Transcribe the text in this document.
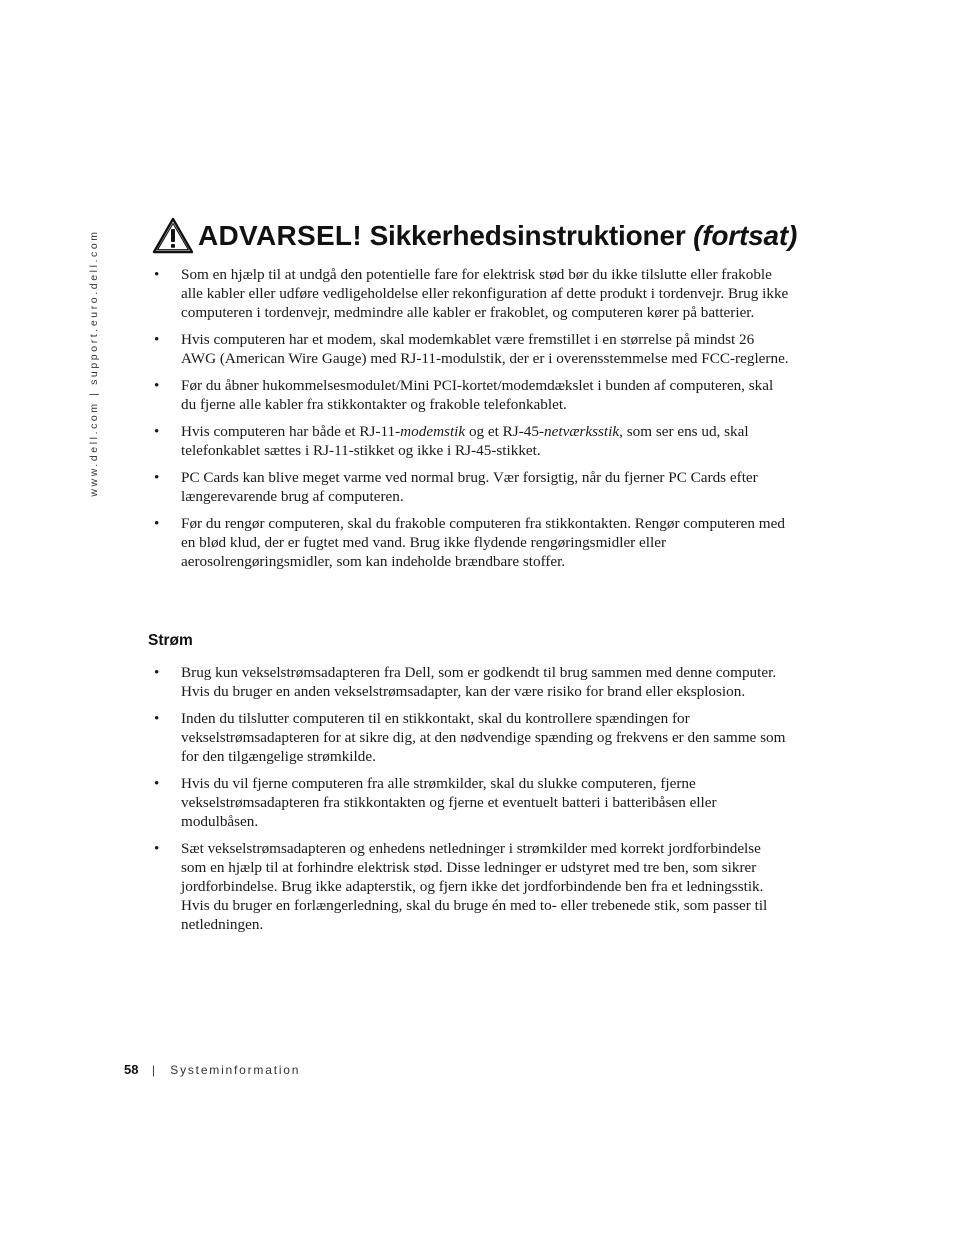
www.dell.com | support.euro.dell.com	ADVARSEL! Sikkerhedsinstruktioner (fortsat)
• Som en hjælp til at undgå den potentielle fare for elektrisk stød bør du ikke tilslutte eller frakoble alle kabler eller udføre vedligeholdelse eller rekonfiguration af dette produkt i tordenvejr. Brug ikke computeren i tordenvejr, medmindre alle kabler er frakoblet, og computeren kører på batterier.
• Hvis computeren har et modem, skal modemkablet være fremstillet i en størrelse på mindst 26 AWG (American Wire Gauge) med RJ-11-modulstik, der er i overensstemmelse med FCC-reglerne.
• Før du åbner hukommelsesmodulet/Mini PCI-kortet/modemdækslet i bunden af computeren, skal du fjerne alle kabler fra stikkontakter og frakoble telefonkablet.
• Hvis computeren har både et RJ-11-modemstik og et RJ-45-netværksstik, som ser ens ud, skal telefonkablet sættes i RJ-11-stikket og ikke i RJ-45-stikket.
• PC Cards kan blive meget varme ved normal brug. Vær forsigtig, når du fjerner PC Cards efter længerevarende brug af computeren.
• Før du rengør computeren, skal du frakoble computeren fra stikkontakten. Rengør computeren med en blød klud, der er fugtet med vand. Brug ikke flydende rengøringsmidler eller aerosolrengøringsmidler, som kan indeholde brændbare stoffer.
Strøm
• Brug kun vekselstrømsadapteren fra Dell, som er godkendt til brug sammen med denne computer. Hvis du bruger en anden vekselstrømsadapter, kan der være risiko for brand eller eksplosion.
• Inden du tilslutter computeren til en stikkontakt, skal du kontrollere spændingen for vekselstrømsadapteren for at sikre dig, at den nødvendige spænding og frekvens er den samme som for den tilgængelige strømkilde.
• Hvis du vil fjerne computeren fra alle strømkilder, skal du slukke computeren, fjerne vekselstrømsadapteren fra stikkontakten og fjerne et eventuelt batteri i batteribåsen eller modulbåsen.
• Sæt vekselstrømsadapteren og enhedens netledninger i strømkilder med korrekt jordforbindelse som en hjælp til at forhindre elektrisk stød. Disse ledninger er udstyret med tre ben, som sikrer jordforbindelse. Brug ikke adapterstik, og fjern ikke det jordforbindende ben fra et ledningsstik. Hvis du bruger en forlængerledning, skal du bruge én med to- eller trebenede stik, som passer til netledningen.
58 | Systeminformation
